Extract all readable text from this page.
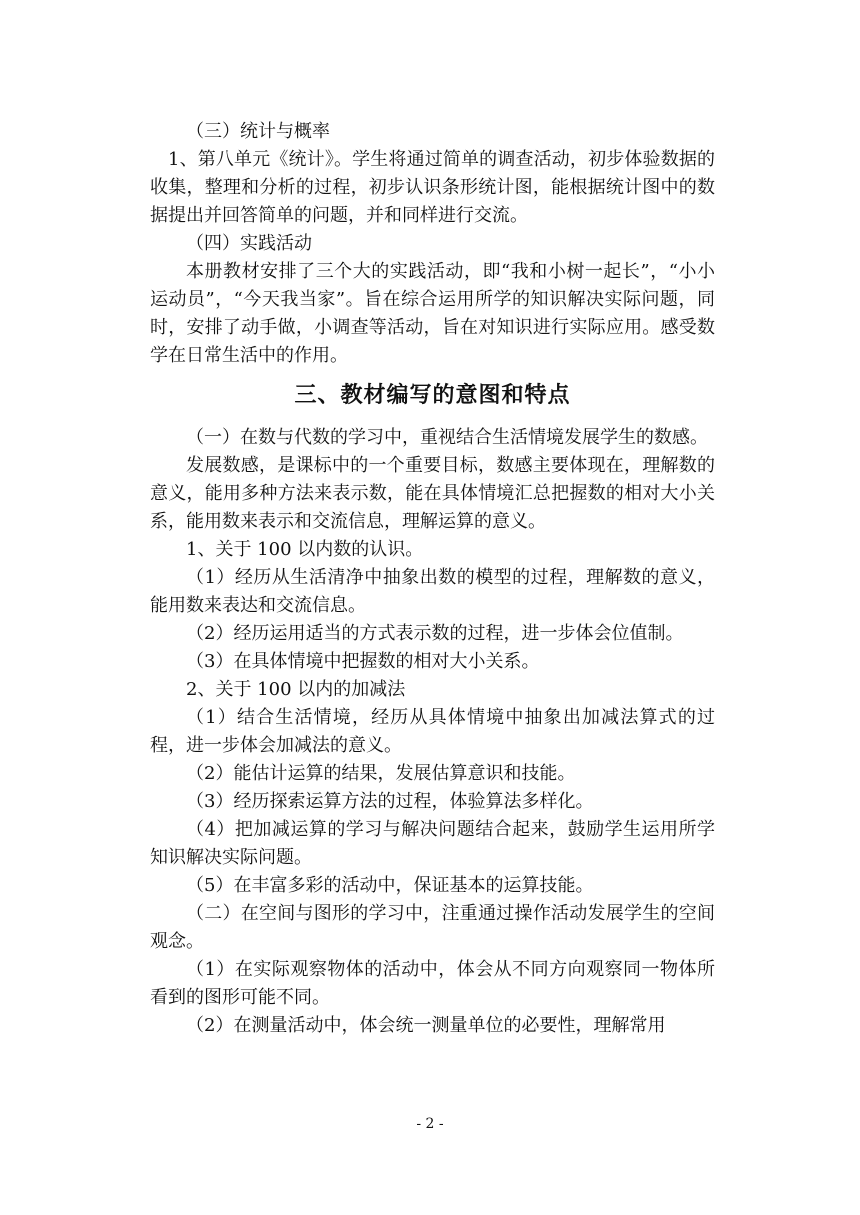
（三）统计与概率

1、第八单元《统计》。学生将通过简单的调查活动，初步体验数据的收集，整理和分析的过程，初步认识条形统计图，能根据统计图中的数据提出并回答简单的问题，并和同样进行交流。

（四）实践活动

本册教材安排了三个大的实践活动，即“我和小树一起长”，“小小运动员”，“今天我当家”。旨在综合运用所学的知识解决实际问题，同时，安排了动手做，小调查等活动，旨在对知识进行实际应用。感受数学在日常生活中的作用。

三、教材编写的意图和特点

（一）在数与代数的学习中，重视结合生活情境发展学生的数感。

发展数感，是课标中的一个重要目标，数感主要体现在，理解数的意义，能用多种方法来表示数，能在具体情境汇总把握数的相对大小关系，能用数来表示和交流信息，理解运算的意义。

1、关于 100 以内数的认识。

（1）经历从生活清净中抽象出数的模型的过程，理解数的意义，能用数来表达和交流信息。

（2）经历运用适当的方式表示数的过程，进一步体会位值制。

（3）在具体情境中把握数的相对大小关系。

2、关于 100 以内的加减法

（1）结合生活情境，经历从具体情境中抽象出加减法算式的过程，进一步体会加减法的意义。

（2）能估计运算的结果，发展估算意识和技能。

（3）经历探索运算方法的过程，体验算法多样化。

（4）把加减运算的学习与解决问题结合起来，鼓励学生运用所学知识解决实际问题。

（5）在丰富多彩的活动中，保证基本的运算技能。

（二）在空间与图形的学习中，注重通过操作活动发展学生的空间观念。

（1）在实际观察物体的活动中，体会从不同方向观察同一物体所看到的图形可能不同。

（2）在测量活动中，体会统一测量单位的必要性，理解常用

- 2 -
